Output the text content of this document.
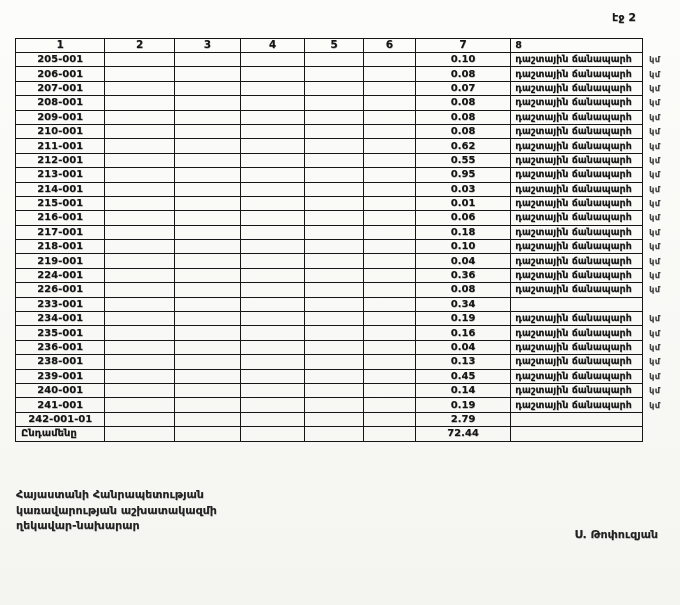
էջ 2
1	2	3	4	5	6	7	8	
205-001						0.10	դաշտային ճանապարհ	կմ
206-001						0.08	դաշտային ճանապարհ	կմ
207-001						0.07	դաշտային ճանապարհ	կմ
208-001						0.08	դաշտային ճանապարհ	կմ
209-001						0.08	դաշտային ճանապարհ	կմ
210-001						0.08	դաշտային ճանապարհ	կմ
211-001						0.62	դաշտային ճանապարհ	կմ
212-001						0.55	դաշտային ճանապարհ	կմ
213-001						0.95	դաշտային ճանապարհ	կմ
214-001						0.03	դաշտային ճանապարհ	կմ
215-001						0.01	դաշտային ճանապարհ	կմ
216-001						0.06	դաշտային ճանապարհ	կմ
217-001						0.18	դաշտային ճանապարհ	կմ
218-001						0.10	դաշտային ճանապարհ	կմ
219-001						0.04	դաշտային ճանապարհ	կմ
224-001						0.36	դաշտային ճանապարհ	կմ
226-001						0.08	դաշտային ճանապարհ	կմ
233-001						0.34		
234-001						0.19	դաշտային ճանապարհ	կմ
235-001						0.16	դաշտային ճանապարհ	կմ
236-001						0.04	դաշտային ճանապարհ	կմ
238-001						0.13	դաշտային ճանապարհ	կմ
239-001						0.45	դաշտային ճանապարհ	կմ
240-001						0.14	դաշտային ճանապարհ	կմ
241-001						0.19	դաշտային ճանապարհ	կմ
242-001-01						2.79		
Ընդամենը						72.44		
Հայաստանի Հանրապետության
կառավարության աշխատակազմի
ղեկավար-նախարար
Ս. Թոփուզյան
